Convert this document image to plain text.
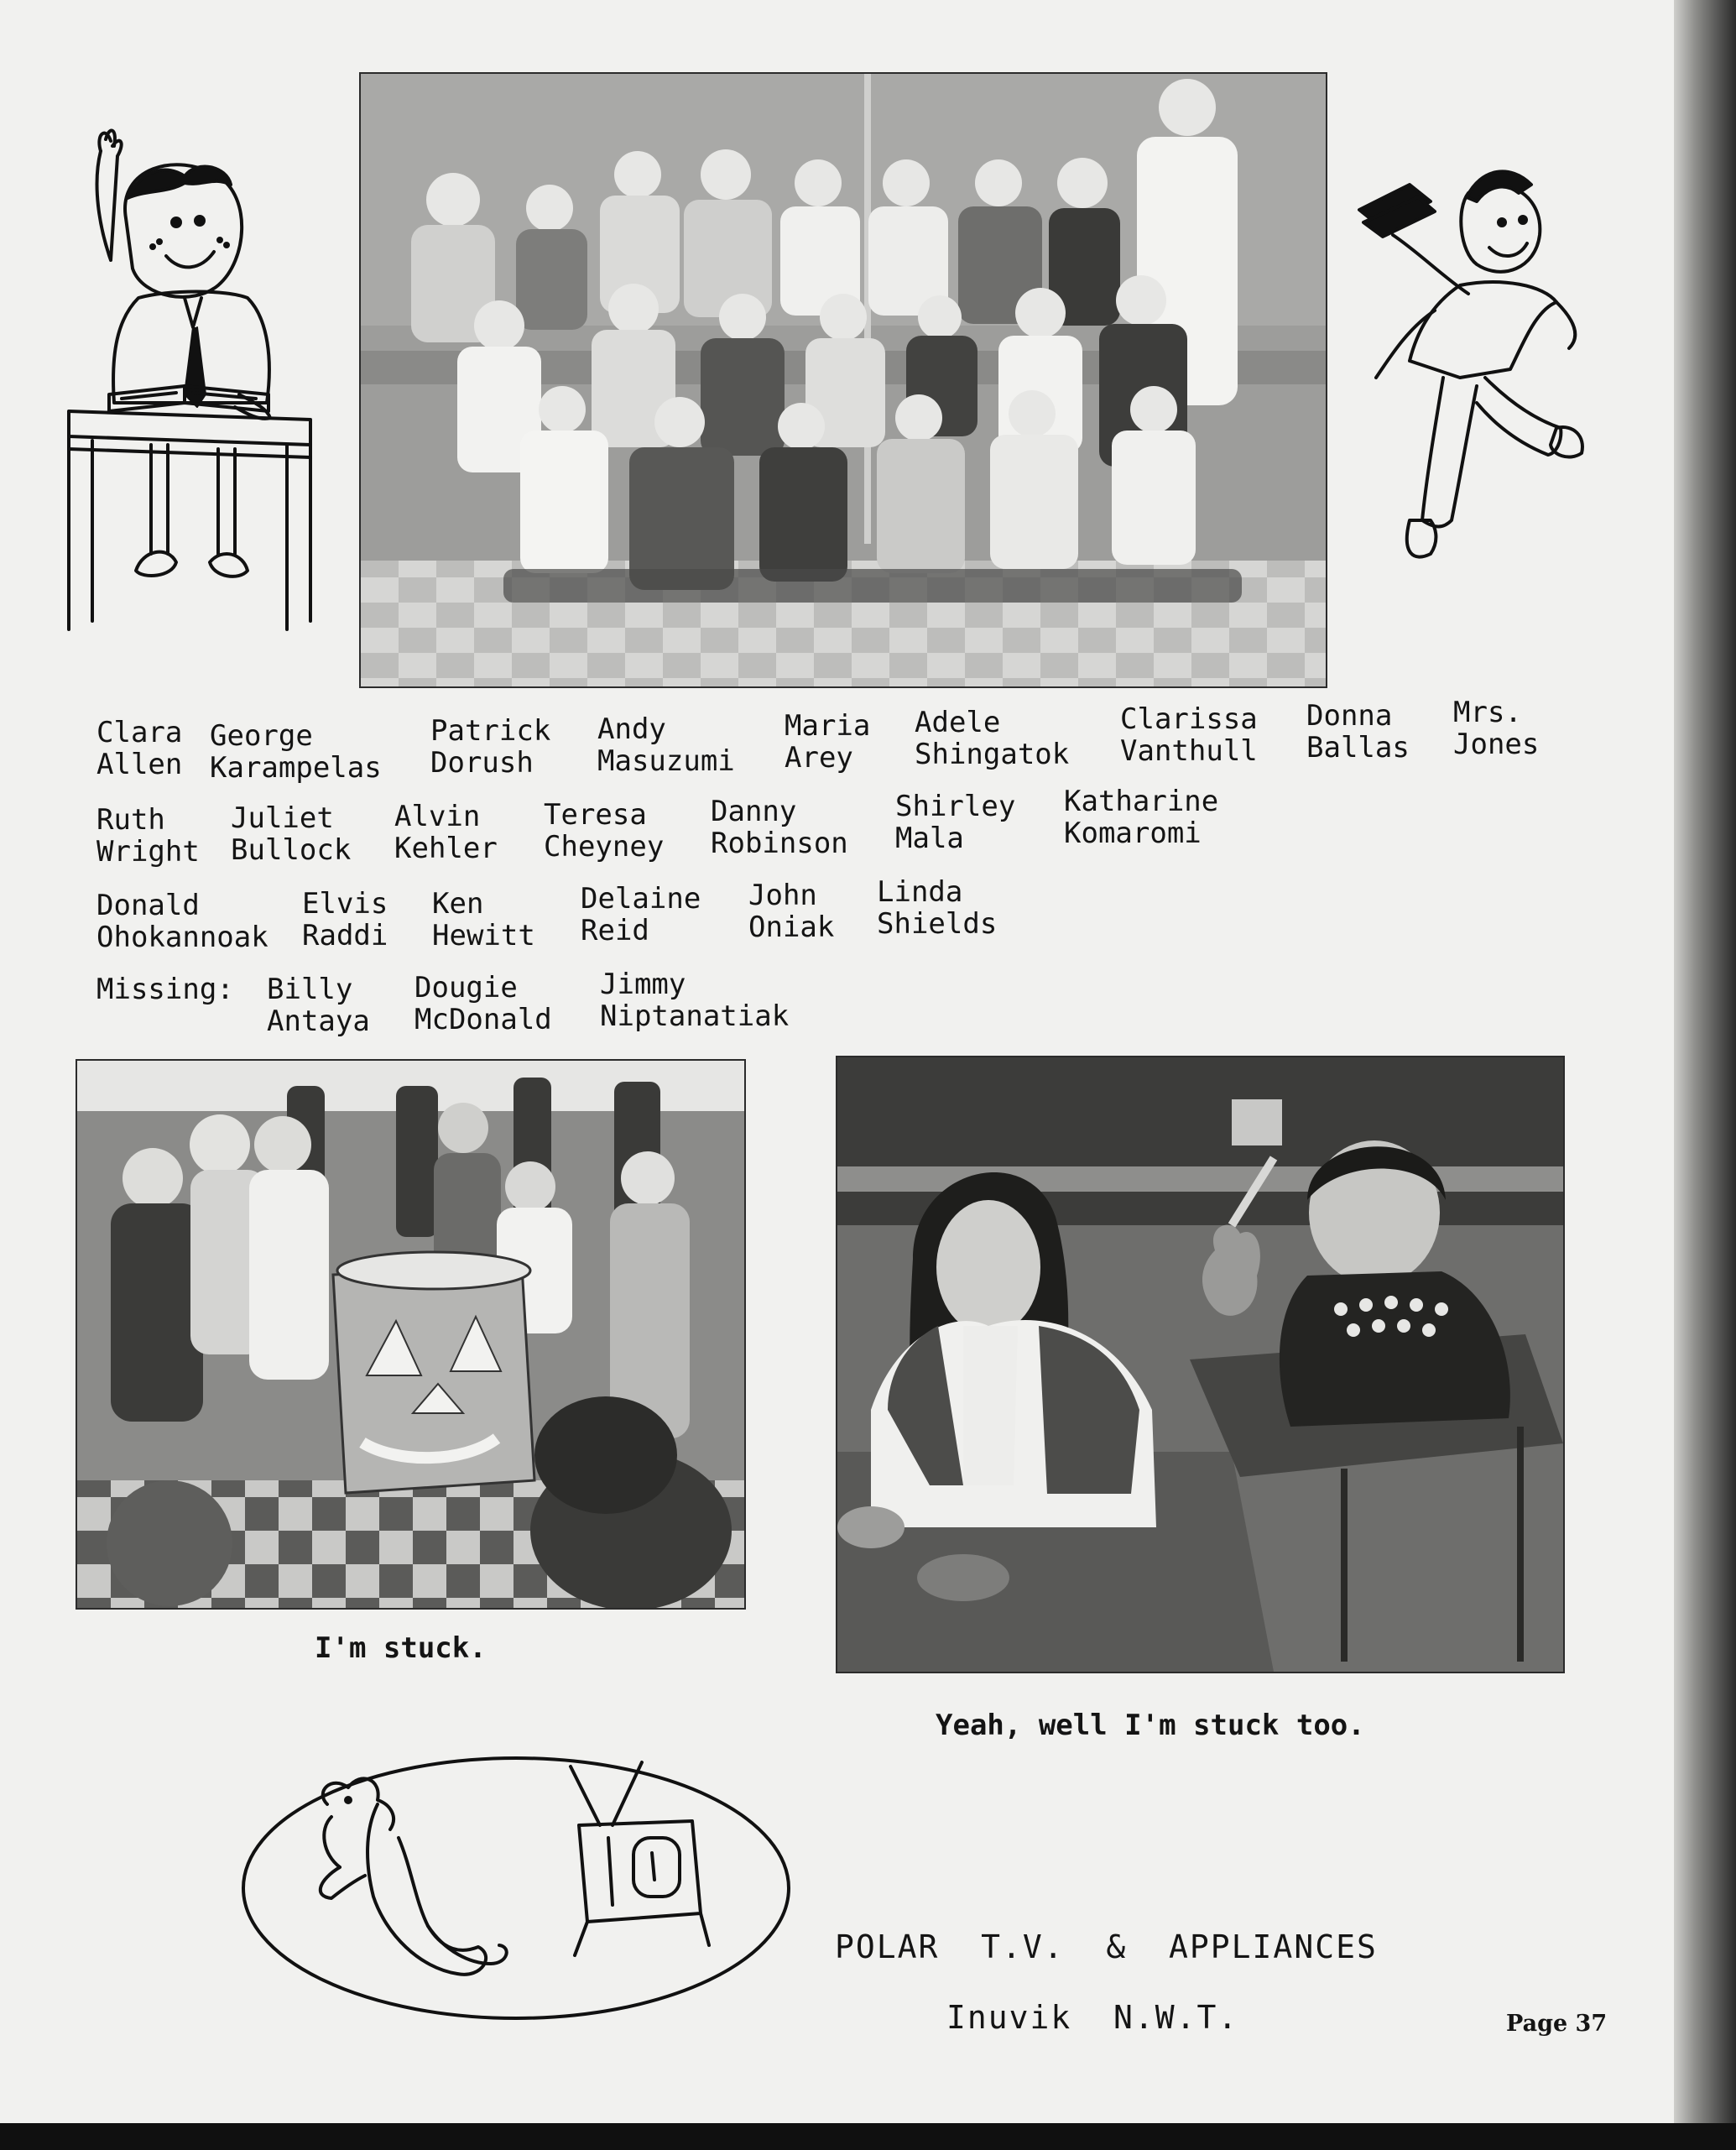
Clara
Allen
George
Karampelas
Patrick
Dorush
Andy
Masuzumi
Maria
Arey
Adele
Shingatok
Clarissa
Vanthull
Donna
Ballas
Mrs.
Jones
Ruth
Wright
Juliet
Bullock
Alvin
Kehler
Teresa
Cheyney
Danny
Robinson
Shirley
Mala
Katharine
Komaromi
Donald
Ohokannoak
Elvis
Raddi
Ken
Hewitt
Delaine
Reid
John
Oniak
Linda
Shields
Missing: Billy
Antaya
Dougie
McDonald
Jimmy
Niptanatiak
I'm stuck.
Yeah, well I'm stuck too.
POLAR  T.V.  &  APPLIANCES
Inuvik  N.W.T.	Page 37
